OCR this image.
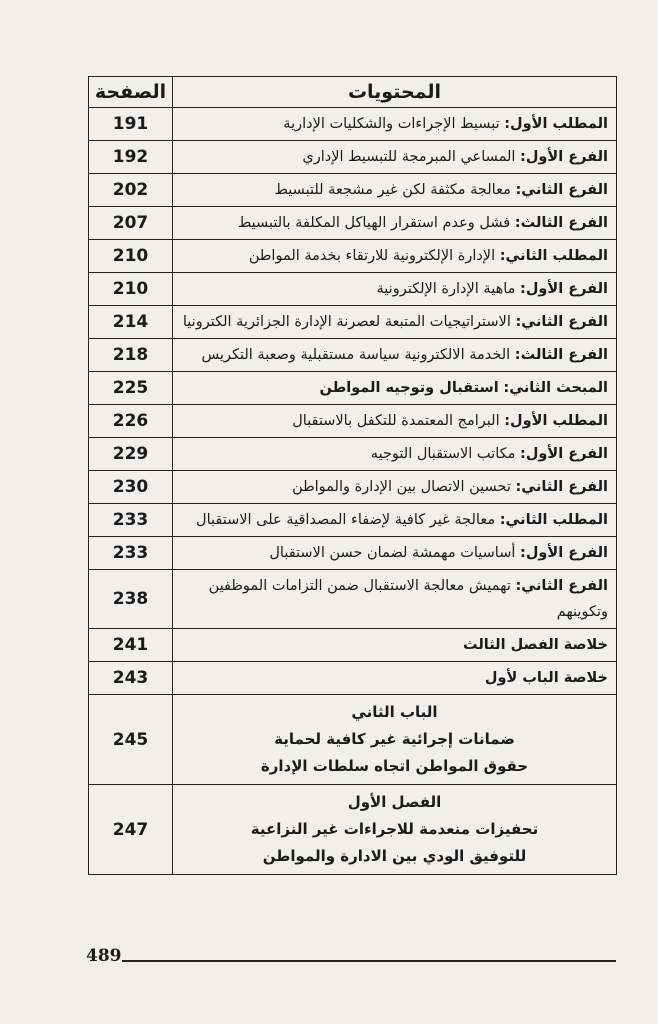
المحتويات	الصفحة
المطلب الأول: تبسيط الإجراءات والشكليات الإدارية	191
الفرع الأول: المساعي المبرمجة للتبسيط الإداري	192
الفرع الثاني: معالجة مكثفة لكن غير مشجعة للتبسيط	202
الفرع الثالث: فشل وعدم استقرار الهياكل المكلفة بالتبسيط	207
المطلب الثاني: الإدارة الإلكترونية للارتقاء بخدمة المواطن	210
الفرع الأول: ماهية الإدارة الإلكترونية	210
الفرع الثاني: الاستراتيجيات المتبعة لعصرنة الإدارة الجزائرية الكترونيا	214
الفرع الثالث: الخدمة الالكترونية سياسة مستقبلية وصعبة التكريس	218
المبحث الثاني: استقبال وتوجيه المواطن	225
المطلب الأول: البرامج المعتمدة للتكفل بالاستقبال	226
الفرع الأول: مكاتب الاستقبال التوجيه	229
الفرع الثاني: تحسين الاتصال بين الإدارة والمواطن	230
المطلب الثاني: معالجة غير كافية لإضفاء المصداقية على الاستقبال	233
الفرع الأول: أساسيات مهمشة لضمان حسن الاستقبال	233
الفرع الثاني: تهميش معالجة الاستقبال ضمن التزامات الموظفين وتكوينهم	238
خلاصة الفصل الثالث	241
خلاصة الباب لأول	243

الباب الثاني
ضمانات إجرائية غير كافية لحماية
حقوق المواطن اتجاه سلطات الإدارة	245

الفصل الأول
تحفيزات منعدمة للاجراءات غير النزاعية
للتوفيق الودي بين الادارة والمواطن	247
489
